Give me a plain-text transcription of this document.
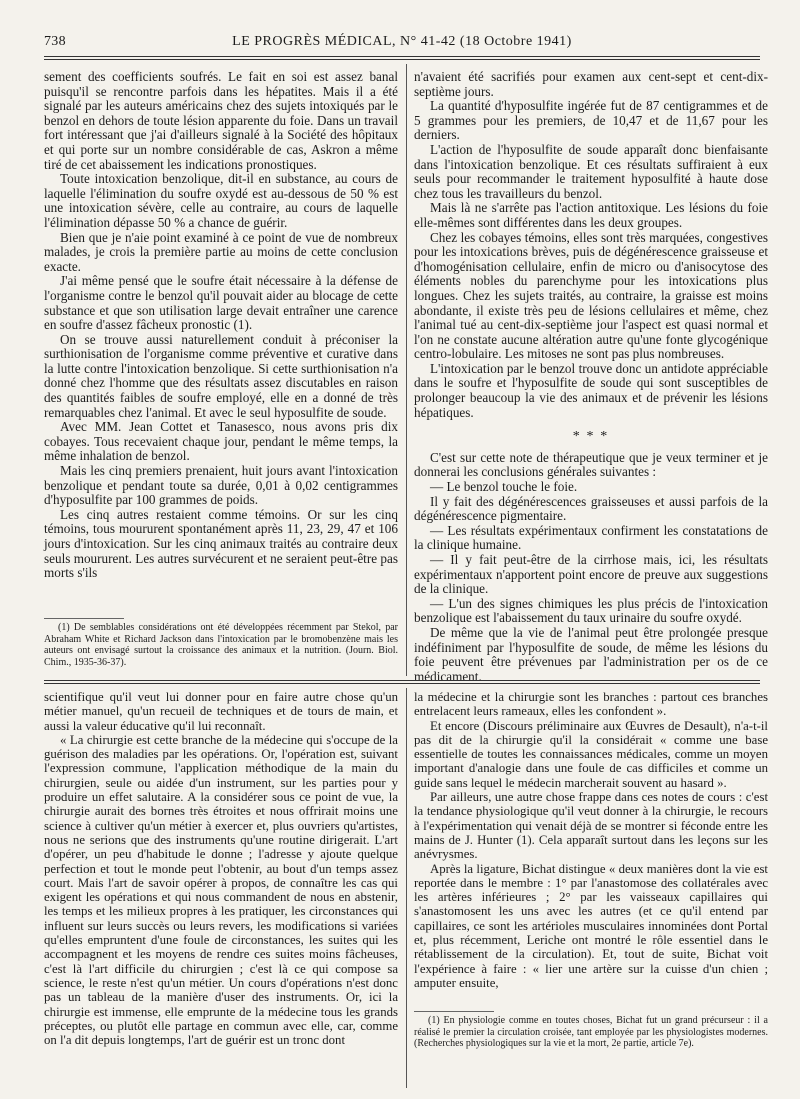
738	LE PROGRÈS MÉDICAL, N° 41-42 (18 Octobre 1941)

sement des coefficients soufrés. Le fait en soi est assez banal puisqu'il se rencontre parfois dans les hépatites. Mais il a été signalé par les auteurs américains chez des sujets intoxiqués par le benzol en dehors de toute lésion apparente du foie. Dans un travail fort intéressant que j'ai d'ailleurs signalé à la Société des hôpitaux et qui porte sur un nombre considérable de cas, Askron a même tiré de cet abaissement les indications pronostiques.

Toute intoxication benzolique, dit-il en substance, au cours de laquelle l'élimination du soufre oxydé est au-dessous de 50 % est une intoxication sévère, celle au contraire, au cours de laquelle l'élimination dépasse 50 % a chance de guérir.

Bien que je n'aie point examiné à ce point de vue de nombreux malades, je crois la première partie au moins de cette conclusion exacte.

J'ai même pensé que le soufre était nécessaire à la défense de l'organisme contre le benzol qu'il pouvait aider au blocage de cette substance et que son utilisation large devait entraîner une carence en soufre d'assez fâcheux pronostic (1).

On se trouve aussi naturellement conduit à préconiser la surthionisation de l'organisme comme préventive et curative dans la lutte contre l'intoxication benzolique. Si cette surthionisation n'a donné chez l'homme que des résultats assez discutables en raison des quantités faibles de soufre employé, elle en a donné de très remarquables chez l'animal. Et avec le seul hyposulfite de soude.

Avec MM. Jean Cottet et Tanasesco, nous avons pris dix cobayes. Tous recevaient chaque jour, pendant le même temps, la même inhalation de benzol.

Mais les cinq premiers prenaient, huit jours avant l'intoxication benzolique et pendant toute sa durée, 0,01 à 0,02 centigrammes d'hyposulfite par 100 grammes de poids.

Les cinq autres restaient comme témoins. Or sur les cinq témoins, tous moururent spontanément après 11, 23, 29, 47 et 106 jours d'intoxication. Sur les cinq animaux traités au contraire deux seuls moururent. Les autres survécurent et ne seraient peut-être pas morts s'ils

(1) De semblables considérations ont été développées récemment par Stekol, par Abraham White et Richard Jackson dans l'intoxication par le bromobenzène mais les auteurs ont envisagé surtout la croissance des animaux et la nutrition. (Journ. Biol. Chim., 1935-36-37).

n'avaient été sacrifiés pour examen aux cent-sept et cent-dix-septième jours.

La quantité d'hyposulfite ingérée fut de 87 centigrammes et de 5 grammes pour les premiers, de 10,47 et de 11,67 pour les derniers.

L'action de l'hyposulfite de soude apparaît donc bienfaisante dans l'intoxication benzolique. Et ces résultats suffiraient à eux seuls pour recommander le traitement hyposulfité à haute dose chez tous les travailleurs du benzol.

Mais là ne s'arrête pas l'action antitoxique. Les lésions du foie elle-mêmes sont différentes dans les deux groupes.

Chez les cobayes témoins, elles sont très marquées, congestives pour les intoxications brèves, puis de dégénérescence graisseuse et d'homogénisation cellulaire, enfin de micro ou d'anisocytose des éléments nobles du parenchyme pour les intoxications plus longues. Chez les sujets traités, au contraire, la graisse est moins abondante, il existe très peu de lésions cellulaires et même, chez l'animal tué au cent-dix-septième jour l'aspect est quasi normal et l'on ne constate aucune altération autre qu'une fonte glycogénique centro-lobulaire. Les mitoses ne sont pas plus nombreuses.

L'intoxication par le benzol trouve donc un antidote appréciable dans le soufre et l'hyposulfite de soude qui sont susceptibles de prolonger beaucoup la vie des animaux et de prévenir les lésions hépatiques.

* * *

C'est sur cette note de thérapeutique que je veux terminer et je donnerai les conclusions générales suivantes :

— Le benzol touche le foie.

Il y fait des dégénérescences graisseuses et aussi parfois de la dégénérescence pigmentaire.

— Les résultats expérimentaux confirment les constatations de la clinique humaine.

— Il y fait peut-être de la cirrhose mais, ici, les résultats expérimentaux n'apportent point encore de preuve aux suggestions de la clinique.

— L'un des signes chimiques les plus précis de l'intoxication benzolique est l'abaissement du taux urinaire du soufre oxydé.

De même que la vie de l'animal peut être prolongée presque indéfiniment par l'hyposulfite de soude, de même les lésions du foie peuvent être prévenues par l'administration per os de ce médicament.

scientifique qu'il veut lui donner pour en faire autre chose qu'un métier manuel, qu'un recueil de techniques et de tours de main, et aussi la valeur éducative qu'il lui reconnaît.

« La chirurgie est cette branche de la médecine qui s'occupe de la guérison des maladies par les opérations. Or, l'opération est, suivant l'expression commune, l'application méthodique de la main du chirurgien, seule ou aidée d'un instrument, sur les parties pour y produire un effet salutaire. A la considérer sous ce point de vue, la chirurgie aurait des bornes très étroites et nous offrirait moins une science à cultiver qu'un métier à exercer et, plus ouvriers qu'artistes, nous ne serions que des instruments qu'une routine dirigerait. L'art d'opérer, un peu d'habitude le donne ; l'adresse y ajoute quelque perfection et tout le monde peut l'obtenir, au bout d'un temps assez court. Mais l'art de savoir opérer à propos, de connaître les cas qui exigent les opérations et qui nous commandent de nous en abstenir, les temps et les milieux propres à les pratiquer, les circonstances qui influent sur leurs succès ou leurs revers, les modifications si variées qu'elles empruntent d'une foule de circonstances, les suites qui les accompagnent et les moyens de rendre ces suites moins fâcheuses, c'est là l'art difficile du chirurgien ; c'est là ce qui compose sa science, le reste n'est qu'un métier. Un cours d'opérations n'est donc pas un tableau de la manière d'user des instruments. Or, ici la chirurgie est immense, elle emprunte de la médecine tous les grands préceptes, ou plutôt elle partage en commun avec elle, car, comme on l'a dit depuis longtemps, l'art de guérir est un tronc dont

la médecine et la chirurgie sont les branches : partout ces branches entrelacent leurs rameaux, elles les confondent ».

Et encore (Discours préliminaire aux Œuvres de Desault), n'a-t-il pas dit de la chirurgie qu'il la considérait « comme une base essentielle de toutes les connaissances médicales, comme un moyen important d'analogie dans une foule de cas difficiles et comme un guide sans lequel le médecin marcherait souvent au hasard ».

Par ailleurs, une autre chose frappe dans ces notes de cours : c'est la tendance physiologique qu'il veut donner à la chirurgie, le recours à l'expérimentation qui venait déjà de se montrer si féconde entre les mains de J. Hunter (1). Cela apparaît surtout dans les leçons sur les anévrysmes.

Après la ligature, Bichat distingue « deux manières dont la vie est reportée dans le membre : 1° par l'anastomose des collatérales avec les artères inférieures ; 2° par les vaisseaux capillaires qui s'anastomosent les uns avec les autres (et ce qu'il entend par capillaires, ce sont les artérioles musculaires innominées dont Portal et, plus récemment, Leriche ont montré le rôle essentiel dans le rétablissement de la circulation). Et, tout de suite, Bichat voit l'expérience à faire : « lier une artère sur la cuisse d'un chien ; amputer ensuite,

(1) En physiologie comme en toutes choses, Bichat fut un grand précurseur : il a réalisé le premier la circulation croisée, tant employée par les physiologistes modernes. (Recherches physiologiques sur la vie et la mort, 2e partie, article 7e).
